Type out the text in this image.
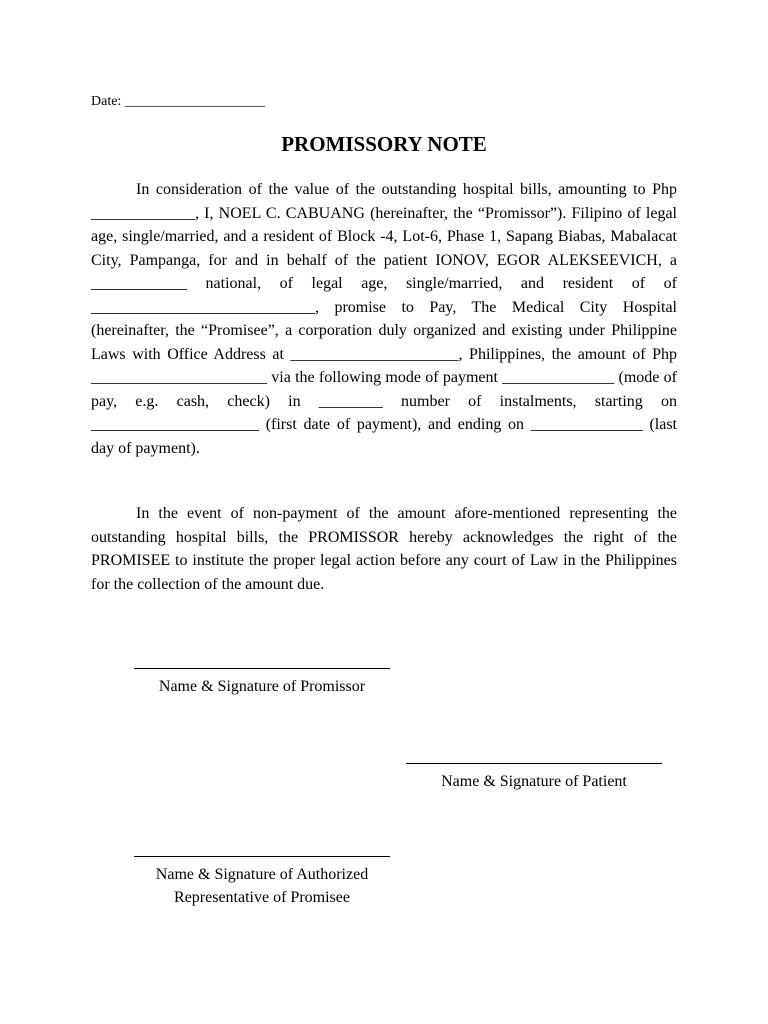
Date: ____________________
PROMISSORY NOTE

In consideration of the value of the outstanding hospital bills, amounting to Php _____________, I, NOEL C. CABUANG (hereinafter, the “Promissor”). Filipino of legal age, single/married, and a resident of Block -4, Lot-6, Phase 1, Sapang Biabas, Mabalacat City, Pampanga, for and in behalf of the patient IONOV, EGOR ALEKSEEVICH, a ____________ national, of legal age, single/married, and resident of of ____________________________, promise to Pay, The Medical City Hospital (hereinafter, the “Promisee”, a corporation duly organized and existing under Philippine Laws with Office Address at _____________________, Philippines, the amount of Php ______________________ via the following mode of payment ______________ (mode of pay, e.g. cash, check) in ________ number of instalments, starting on _____________________ (first date of payment), and ending on ______________ (last day of payment).

In the event of non-payment of the amount afore-mentioned representing the outstanding hospital bills, the PROMISSOR hereby acknowledges the right of the PROMISEE to institute the proper legal action before any court of Law in the Philippines for the collection of the amount due.

Name & Signature of Promissor
Name & Signature of Patient
Name & Signature of Authorized
Representative of Promisee
